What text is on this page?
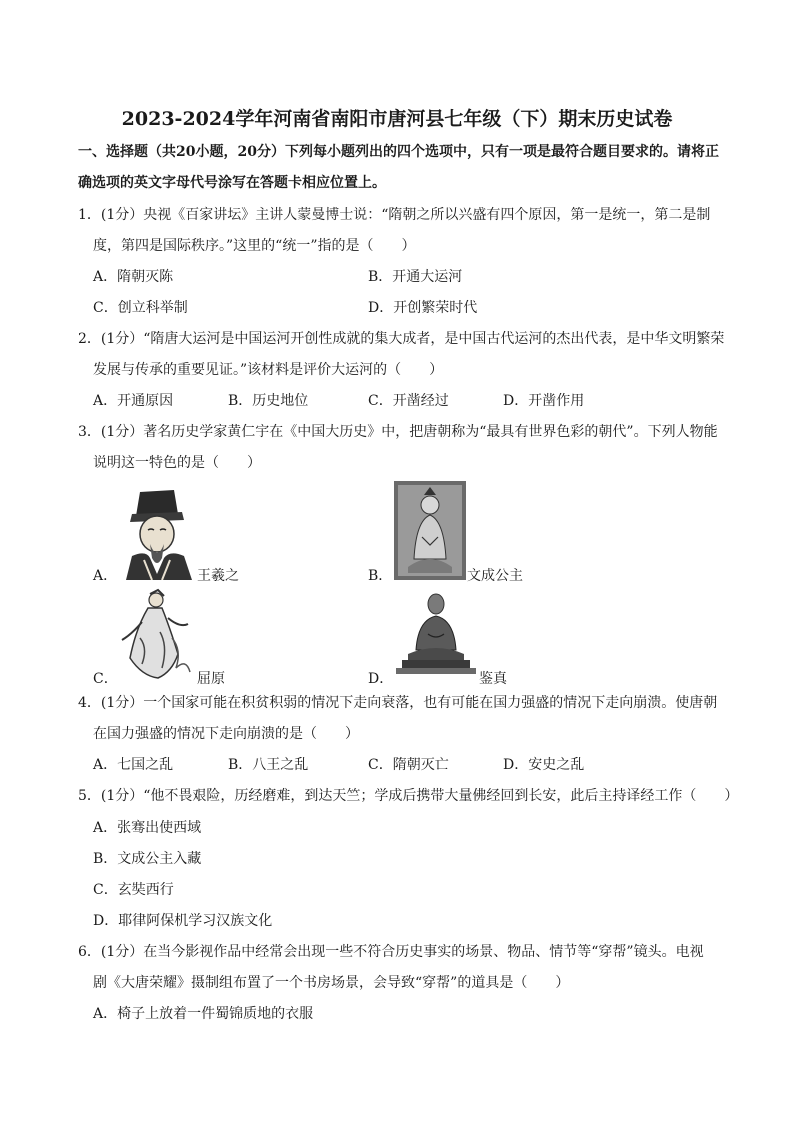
2023-2024学年河南省南阳市唐河县七年级（下）期末历史试卷
一、选择题（共20小题，20分）下列每小题列出的四个选项中，只有一项是最符合题目要求的。请将正
确选项的英文字母代号涂写在答题卡相应位置上。
1．(1分）央视《百家讲坛》主讲人蒙曼博士说：“隋朝之所以兴盛有四个原因，第一是统一，第二是制
度，第四是国际秩序。”这里的“统一”指的是（　　）
A．隋朝灭陈	B．开通大运河
C．创立科举制	D．开创繁荣时代
2．(1分）“隋唐大运河是中国运河开创性成就的集大成者，是中国古代运河的杰出代表，是中华文明繁荣
发展与传承的重要见证。”该材料是评价大运河的（　　）
A．开通原因	B．历史地位	C．开凿经过	D．开凿作用
3．(1分）著名历史学家黄仁宇在《中国大历史》中，把唐朝称为“最具有世界色彩的朝代”。下列人物能
说明这一特色的是（　　）
A．	王羲之	B．	文成公主
C．	屈原	D．	鉴真
4．(1分）一个国家可能在积贫积弱的情况下走向衰落，也有可能在国力强盛的情况下走向崩溃。使唐朝
在国力强盛的情况下走向崩溃的是（　　）
A．七国之乱	B．八王之乱	C．隋朝灭亡	D．安史之乱
5．(1分）“他不畏艰险，历经磨难，到达天竺；学成后携带大量佛经回到长安，此后主持译经工作（　　）
A．张骞出使西域
B．文成公主入藏
C．玄奘西行
D．耶律阿保机学习汉族文化
6．(1分）在当今影视作品中经常会出现一些不符合历史事实的场景、物品、情节等“穿帮”镜头。电视
剧《大唐荣耀》摄制组布置了一个书房场景，会导致“穿帮”的道具是（　　）
A．椅子上放着一件蜀锦质地的衣服
